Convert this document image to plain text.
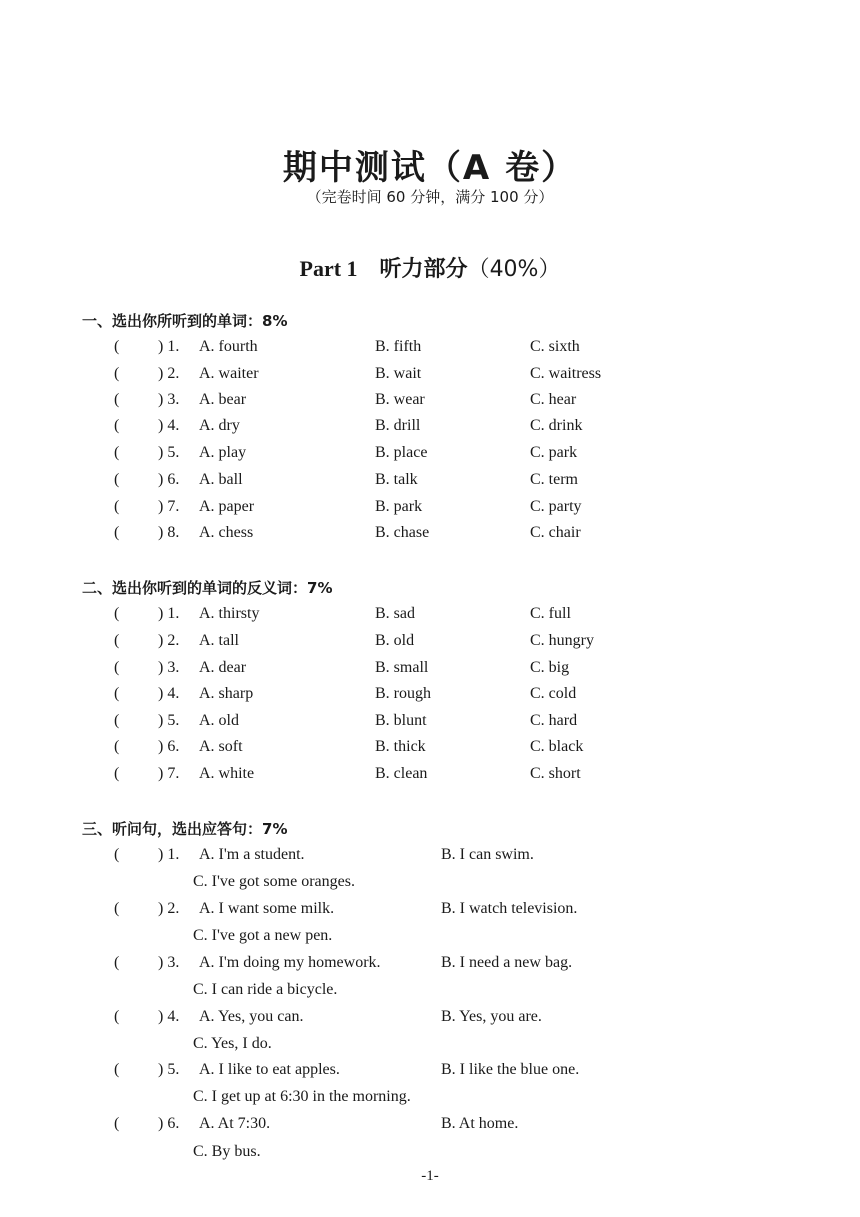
期中测试（A 卷）
（完卷时间 60 分钟，满分 100 分）
Part 1 听力部分（40%）
一、选出你所听到的单词：8%
( ) 1. A. fourth	B. fifth	C. sixth
( ) 2. A. waiter	B. wait	C. waitress
( ) 3. A. bear	B. wear	C. hear
( ) 4. A. dry	B. drill	C. drink
( ) 5. A. play	B. place	C. park
( ) 6. A. ball	B. talk	C. term
( ) 7. A. paper	B. park	C. party
( ) 8. A. chess	B. chase	C. chair
二、选出你听到的单词的反义词：7%
( ) 1. A. thirsty	B. sad	C. full
( ) 2. A. tall	B. old	C. hungry
( ) 3. A. dear	B. small	C. big
( ) 4. A. sharp	B. rough	C. cold
( ) 5. A. old	B. blunt	C. hard
( ) 6. A. soft	B. thick	C. black
( ) 7. A. white	B. clean	C. short
三、听问句，选出应答句：7%
( ) 1. A. I'm a student.	B. I can swim.
C. I've got some oranges.
( ) 2. A. I want some milk.	B. I watch television.
C. I've got a new pen.
( ) 3. A. I'm doing my homework.	B. I need a new bag.
C. I can ride a bicycle.
( ) 4. A. Yes, you can.	B. Yes, you are.
C. Yes, I do.
( ) 5. A. I like to eat apples.	B. I like the blue one.
C. I get up at 6:30 in the morning.
( ) 6. A. At 7:30.	B. At home.
C. By bus.
-1-
